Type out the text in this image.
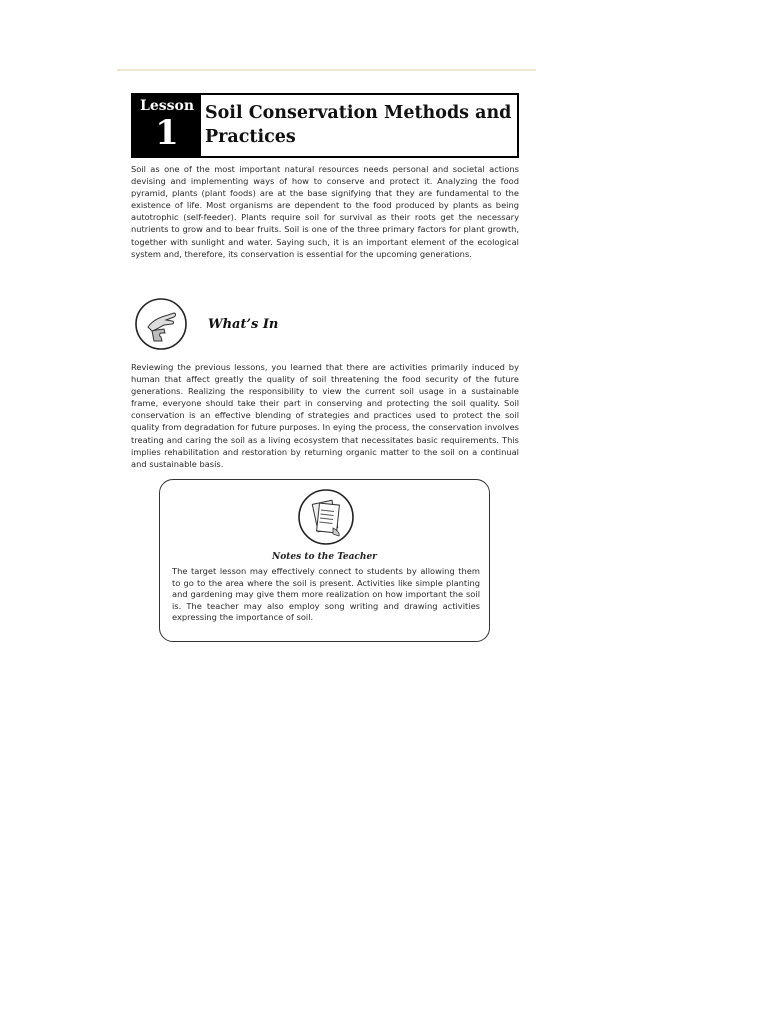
Lesson
1 Soil Conservation Methods and Practices

Soil as one of the most important natural resources needs personal and societal actions devising and implementing ways of how to conserve and protect it. Analyzing the food pyramid, plants (plant foods) are at the base signifying that they are fundamental to the existence of life. Most organisms are dependent to the food produced by plants as being autotrophic (self-feeder). Plants require soil for survival as their roots get the necessary nutrients to grow and to bear fruits. Soil is one of the three primary factors for plant growth, together with sunlight and water. Saying such, it is an important element of the ecological system and, therefore, its conservation is essential for the upcoming generations.

What’s In

Reviewing the previous lessons, you learned that there are activities primarily induced by human that affect greatly the quality of soil threatening the food security of the future generations. Realizing the responsibility to view the current soil usage in a sustainable frame, everyone should take their part in conserving and protecting the soil quality. Soil conservation is an effective blending of strategies and practices used to protect the soil quality from degradation for future purposes. In eying the process, the conservation involves treating and caring the soil as a living ecosystem that necessitates basic requirements. This implies rehabilitation and restoration by returning organic matter to the soil on a continual and sustainable basis.

Notes to the Teacher

The target lesson may effectively connect to students by allowing them to go to the area where the soil is present. Activities like simple planting and gardening may give them more realization on how important the soil is. The teacher may also employ song writing and drawing activities expressing the importance of soil.
